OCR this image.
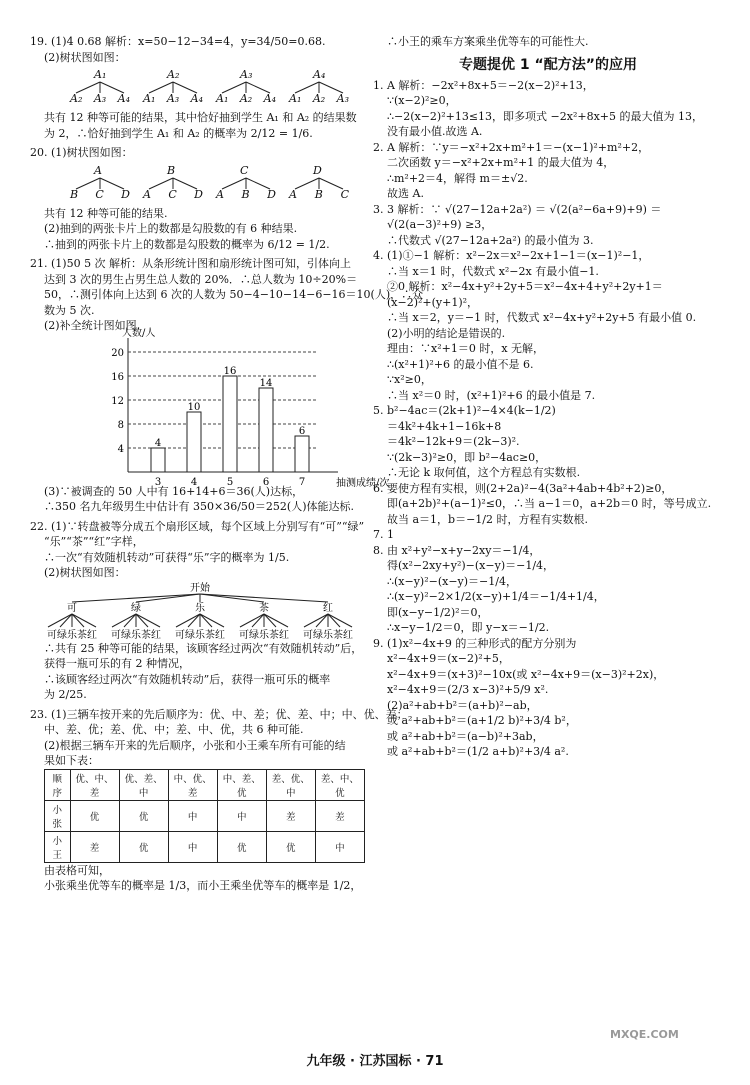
19. (1)4 0.68 解析：x=50−12−34=4，y=34/50=0.68.
(2)树状图如图：
A₁
A₂ A₃ A₄
A₂
A₁ A₃ A₄
A₃
A₁ A₂ A₄
A₄
A₁ A₂ A₃
共有 12 种等可能的结果，其中恰好抽到学生 A₁ 和 A₂ 的结果数
为 2，∴恰好抽到学生 A₁ 和 A₂ 的概率为 2/12 = 1/6.
20. (1)树状图如图：
A
B C D
B
A C D
C
A B D
D
A B C
共有 12 种等可能的结果.
(2)抽到的两张卡片上的数都是勾股数的有 6 种结果.
∴抽到的两张卡片上的数都是勾股数的概率为 6/12 = 1/2.
21. (1)50 5 次 解析：从条形统计图和扇形统计图可知，引体向上
达到 3 次的男生占男生总人数的 20%．∴总人数为 10÷20%＝
50，∴测引体向上达到 6 次的人数为 50−4−10−14−6−16＝10(人)，∴众
数为 5 次.
(2)补全统计图如图.
人数/人
抽测成绩/次
4
8
12
16
20
4
3
10
4
16
5
14
6
6
7
(3)∵被调查的 50 人中有 16+14+6＝36(人)达标，
∴350 名九年级男生中估计有 350×36/50＝252(人)体能达标.
22. (1)∵转盘被等分成五个扇形区域，每个区域上分别写有“可”“绿”
“乐”“茶”“红”字样，
∴一次“有效随机转动”可获得“乐”字的概率为 1/5.
(2)树状图如图：
开始
可
可绿乐茶红
绿
可绿乐茶红
乐
可绿乐茶红
茶
可绿乐茶红
红
可绿乐茶红
∴共有 25 种等可能的结果，该顾客经过两次“有效随机转动”后，
获得一瓶可乐的有 2 种情况，
∴该顾客经过两次“有效随机转动”后，获得一瓶可乐的概率
为 2/25.
23. (1)三辆车按开来的先后顺序为：优、中、差；优、差、中；中、优、差；
中、差、优；差、优、中；差、中、优，共 6 种可能.
(2)根据三辆车开来的先后顺序，小张和小王乘车所有可能的结
果如下表：
顺序	优、中、差	优、差、中	中、优、差	中、差、优	差、优、中	差、中、优
小张	优	优	中	中	差	差
小王	差	优	中	优	优	中
由表格可知，
小张乘坐优等车的概率是 1/3，而小王乘坐优等车的概率是 1/2，
∴小王的乘车方案乘坐优等车的可能性大.
专题提优 1 “配方法”的应用
1. A 解析：−2x²+8x+5＝−2(x−2)²+13，
∵(x−2)²≥0，
∴−2(x−2)²+13≤13，即多项式 −2x²+8x+5 的最大值为 13，
没有最小值.故选 A.
2. A 解析：∵y＝−x²+2x+m²+1＝−(x−1)²+m²+2，
二次函数 y＝−x²+2x+m²+1 的最大值为 4，
∴m²+2＝4，解得 m＝±√2.
故选 A.
3. 3 解析：∵ √(27−12a+2a²) ＝ √(2(a²−6a+9)+9) ＝
√(2(a−3)²+9) ≥3，
∴代数式 √(27−12a+2a²) 的最小值为 3.
4. (1)①−1 解析：x²−2x＝x²−2x+1−1＝(x−1)²−1，
∴当 x＝1 时，代数式 x²−2x 有最小值−1.
②0 解析：x²−4x+y²+2y+5＝x²−4x+4+y²+2y+1＝
(x−2)²+(y+1)²，
∴当 x＝2，y＝−1 时，代数式 x²−4x+y²+2y+5 有最小值 0.
(2)小明的结论是错误的.
理由：∵x²+1＝0 时，x 无解，
∴(x²+1)²+6 的最小值不是 6.
∵x²≥0，
∴当 x²＝0 时，(x²+1)²+6 的最小值是 7.
5. b²−4ac＝(2k+1)²−4×4(k−1/2)
＝4k²+4k+1−16k+8
＝4k²−12k+9＝(2k−3)².
∵(2k−3)²≥0，即 b²−4ac≥0，
∴无论 k 取何值，这个方程总有实数根.
6. 要使方程有实根，则(2+2a)²−4(3a²+4ab+4b²+2)≥0，
即(a+2b)²+(a−1)²≤0，∴当 a−1＝0，a+2b＝0 时，等号成立.
故当 a＝1，b＝−1/2 时，方程有实数根.
7. 1
8. 由 x²+y²−x+y−2xy＝−1/4，
得(x²−2xy+y²)−(x−y)＝−1/4，
∴(x−y)²−(x−y)＝−1/4，
∴(x−y)²−2×1/2(x−y)+1/4＝−1/4+1/4，
即(x−y−1/2)²＝0，
∴x−y−1/2＝0，即 y−x＝−1/2.
9. (1)x²−4x+9 的三种形式的配方分别为
x²−4x+9＝(x−2)²+5，
x²−4x+9＝(x+3)²−10x(或 x²−4x+9＝(x−3)²+2x)，
x²−4x+9＝(2/3 x−3)²+5/9 x².
(2)a²+ab+b²＝(a+b)²−ab，
或 a²+ab+b²＝(a+1/2 b)²+3/4 b²，
或 a²+ab+b²＝(a−b)²+3ab，
或 a²+ab+b²＝(1/2 a+b)²+3/4 a².
九年级 · 江苏国标 · 71
MXQE.COM
